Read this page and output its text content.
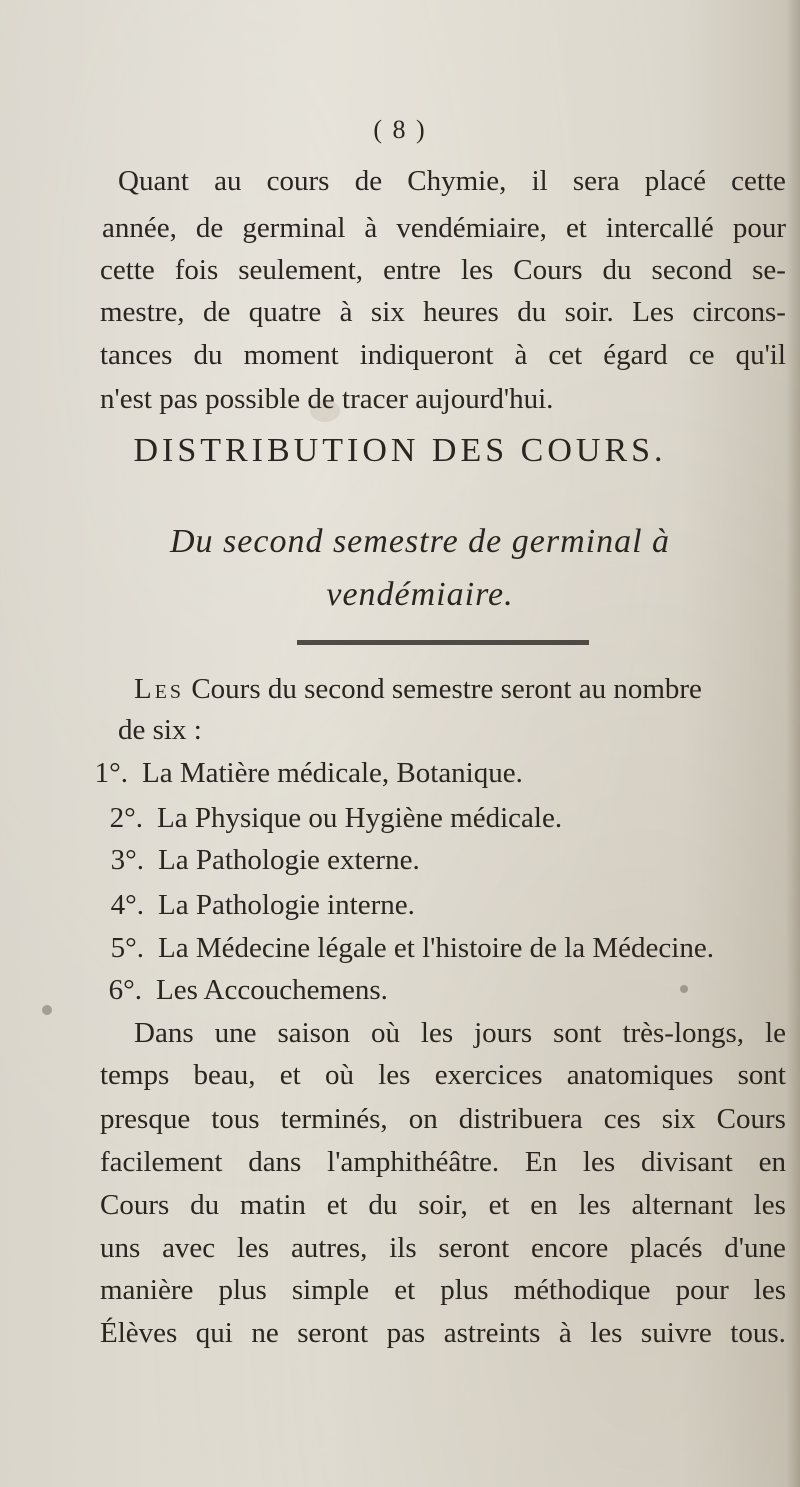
( 8 )
Quant au cours de Chymie, il sera placé cette
année, de germinal à vendémiaire, et intercallé pour
cette fois seulement, entre les Cours du second se-
mestre, de quatre à six heures du soir. Les circons-
tances du moment indiqueront à cet égard ce qu'il
n'est pas possible de tracer aujourd'hui.
DISTRIBUTION DES COURS.
Du second semestre de germinal à
vendémiaire.
Les Cours du second semestre seront au nombre
de six :
1°. La Matière médicale, Botanique.
2°. La Physique ou Hygiène médicale.
3°. La Pathologie externe.
4°. La Pathologie interne.
5°. La Médecine légale et l'histoire de la Médecine.
6°. Les Accouchemens.
Dans une saison où les jours sont très-longs, le
temps beau, et où les exercices anatomiques sont
presque tous terminés, on distribuera ces six Cours
facilement dans l'amphithéâtre. En les divisant en
Cours du matin et du soir, et en les alternant les
uns avec les autres, ils seront encore placés d'une
manière plus simple et plus méthodique pour les
Élèves qui ne seront pas astreints à les suivre tous.
